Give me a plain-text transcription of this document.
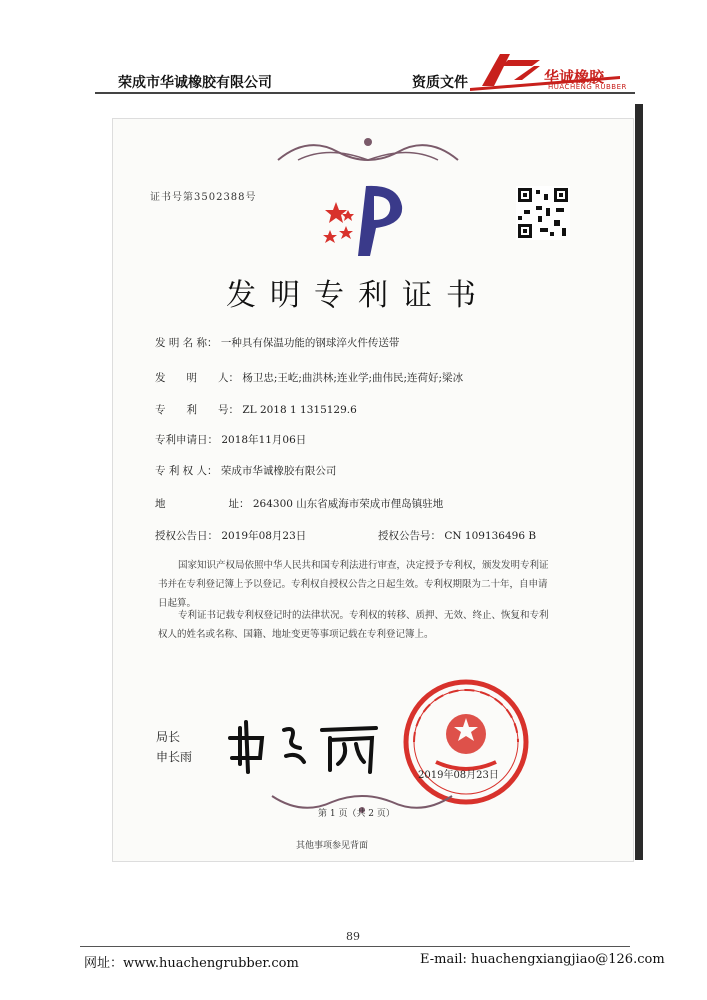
荣成市华诚橡胶有限公司	资质文件	华诚橡胶
HUACHENG RUBBER
证书号第3502388号
发明专利证书
发 明 名 称： 一种具有保温功能的钢球淬火件传送带
发　　明　　人： 杨卫忠;王屹;曲洪林;连业学;曲伟民;连荷好;梁冰
专　　利　　号： ZL 2018 1 1315129.6
专利申请日： 2018年11月06日
专 利 权 人： 荣成市华诚橡胶有限公司
地　　　　　　址： 264300 山东省威海市荣成市俚岛镇驻地
授权公告日： 2019年08月23日	授权公告号： CN 109136496 B
国家知识产权局依照中华人民共和国专利法进行审查，决定授予专利权，颁发发明专利证书并在专利登记簿上予以登记。专利权自授权公告之日起生效。专利权期限为二十年，自申请日起算。
专利证书记载专利权登记时的法律状况。专利权的转移、质押、无效、终止、恢复和专利权人的姓名或名称、国籍、地址变更等事项记载在专利登记簿上。
局长
申长雨
2019年08月23日
第 1 页（共 2 页）
其他事项参见背面
89
网址：www.huachengrubber.com	E-mail: huachengxiangjiao@126.com
